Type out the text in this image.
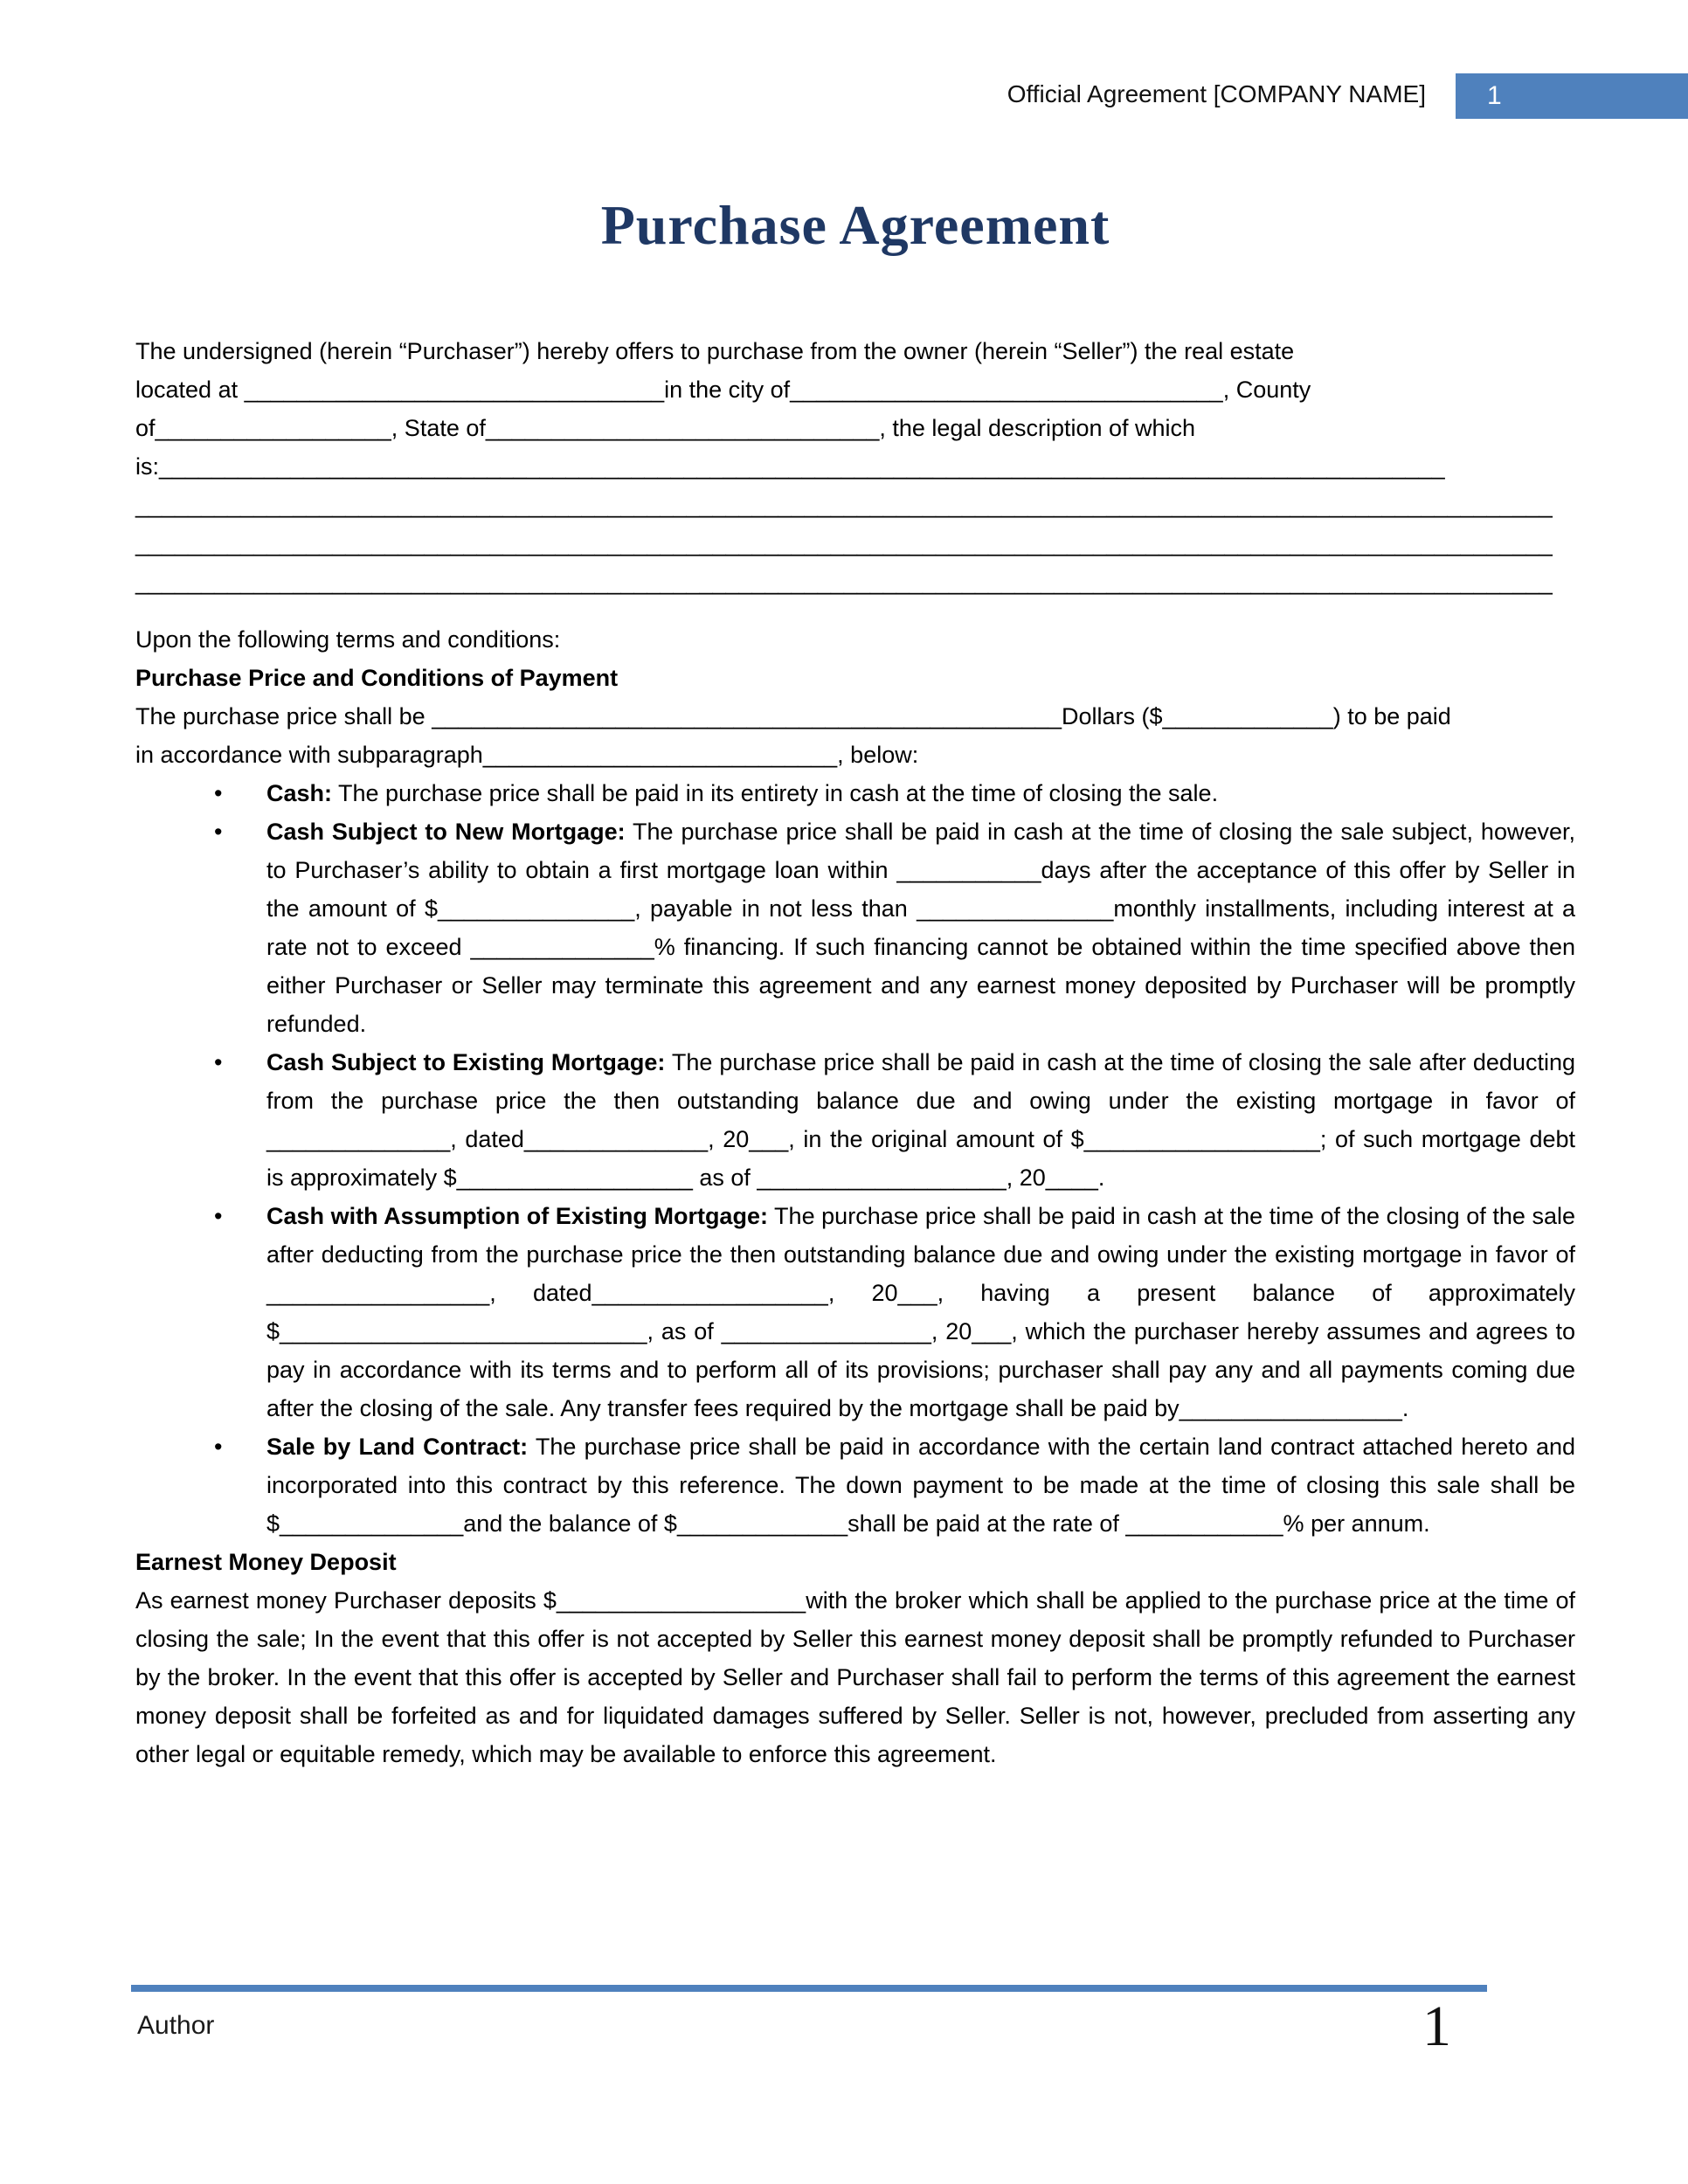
Official Agreement [COMPANY NAME]	1
Purchase Agreement
The undersigned (herein “Purchaser”) hereby offers to purchase from the owner (herein “Seller”) the real estate
located at ________________________________in the city of_________________________________, County
of__________________, State of______________________________, the legal description of which
is:__________________________________________________________________________________________________
____________________________________________________________________________________________________________
____________________________________________________________________________________________________________
____________________________________________________________________________________________________________
Upon the following terms and conditions:
Purchase Price and Conditions of Payment
The purchase price shall be ________________________________________________Dollars ($_____________) to be paid
in accordance with subparagraph___________________________, below:
• Cash: The purchase price shall be paid in its entirety in cash at the time of closing the sale.
• Cash Subject to New Mortgage: The purchase price shall be paid in cash at the time of closing the sale subject, however, to Purchaser’s ability to obtain a first mortgage loan within ___________days after the acceptance of this offer by Seller in the amount of $_______________, payable in not less than _______________monthly installments, including interest at a rate not to exceed ______________% financing. If such financing cannot be obtained within the time specified above then either Purchaser or Seller may terminate this agreement and any earnest money deposited by Purchaser will be promptly refunded.
• Cash Subject to Existing Mortgage: The purchase price shall be paid in cash at the time of closing the sale after deducting from the purchase price the then outstanding balance due and owing under the existing mortgage in favor of ______________, dated______________, 20___, in the original amount of $__________________; of such mortgage debt is approximately $__________________ as of ___________________, 20____.
• Cash with Assumption of Existing Mortgage: The purchase price shall be paid in cash at the time of the closing of the sale after deducting from the purchase price the then outstanding balance due and owing under the existing mortgage in favor of _________________, dated__________________, 20___, having a present balance of approximately $____________________________, as of ________________, 20___, which the purchaser hereby assumes and agrees to pay in accordance with its terms and to perform all of its provisions; purchaser shall pay any and all payments coming due after the closing of the sale. Any transfer fees required by the mortgage shall be paid by_________________.
• Sale by Land Contract: The purchase price shall be paid in accordance with the certain land contract attached hereto and incorporated into this contract by this reference. The down payment to be made at the time of closing this sale shall be $______________and the balance of $_____________shall be paid at the rate of ____________% per annum.
Earnest Money Deposit
As earnest money Purchaser deposits $___________________with the broker which shall be applied to the purchase price at the time of closing the sale; In the event that this offer is not accepted by Seller this earnest money deposit shall be promptly refunded to Purchaser by the broker. In the event that this offer is accepted by Seller and Purchaser shall fail to perform the terms of this agreement the earnest money deposit shall be forfeited as and for liquidated damages suffered by Seller. Seller is not, however, precluded from asserting any other legal or equitable remedy, which may be available to enforce this agreement.
Author	1
